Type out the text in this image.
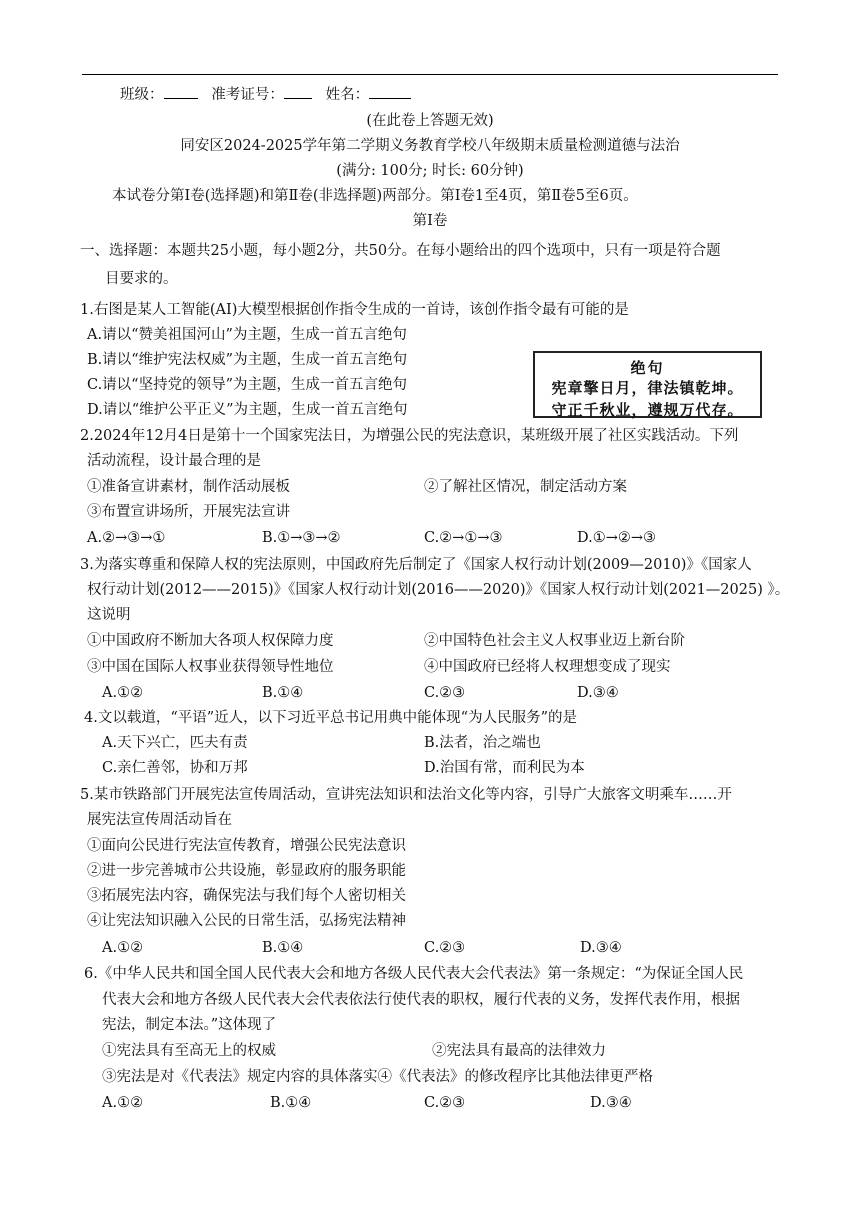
班级：	准考证号：	姓名：
(在此卷上答题无效)
同安区2024-2025学年第二学期义务教育学校八年级期末质量检测道德与法治
(满分: 100分; 时长: 60分钟)
本试卷分第Ⅰ卷(选择题)和第Ⅱ卷(非选择题)两部分。第Ⅰ卷1至4页，第Ⅱ卷5至6页。
第Ⅰ卷
一、选择题：本题共25小题，每小题2分，共50分。在每小题给出的四个选项中，只有一项是符合题
目要求的。
1.右图是某人工智能(AI)大模型根据创作指令生成的一首诗，该创作指令最有可能的是
A.请以“赞美祖国河山”为主题，生成一首五言绝句
B.请以“维护宪法权威”为主题，生成一首五言绝句
C.请以“坚持党的领导”为主题，生成一首五言绝句
D.请以“维护公平正义”为主题，生成一首五言绝句
绝句
宪章擎日月，律法镇乾坤。
守正千秋业，遵规万代存。
2.2024年12月4日是第十一个国家宪法日，为增强公民的宪法意识，某班级开展了社区实践活动。下列
活动流程，设计最合理的是
①准备宣讲素材，制作活动展板	②了解社区情况，制定活动方案
③布置宣讲场所，开展宪法宣讲
A.②→③→①	B.①→③→②	C.②→①→③	D.①→②→③
3.为落实尊重和保障人权的宪法原则，中国政府先后制定了《国家人权行动计划(2009—2010)》《国家人
权行动计划(2012——2015)》《国家人权行动计划(2016——2020)》《国家人权行动计划(2021—2025) 》。
这说明
①中国政府不断加大各项人权保障力度	②中国特色社会主义人权事业迈上新台阶
③中国在国际人权事业获得领导性地位	④中国政府已经将人权理想变成了现实
A.①②	B.①④	C.②③	D.③④
4.文以载道，“平语”近人，以下习近平总书记用典中能体现“为人民服务”的是
A.天下兴亡，匹夫有责	B.法者，治之端也
C.亲仁善邻，协和万邦	D.治国有常，而利民为本
5.某市铁路部门开展宪法宣传周活动，宣讲宪法知识和法治文化等内容，引导广大旅客文明乘车……开
展宪法宣传周活动旨在
①面向公民进行宪法宣传教育，增强公民宪法意识
②进一步完善城市公共设施，彰显政府的服务职能
③拓展宪法内容，确保宪法与我们每个人密切相关
④让宪法知识融入公民的日常生活，弘扬宪法精神
A.①②	B.①④	C.②③	D.③④
6.《中华人民共和国全国人民代表大会和地方各级人民代表大会代表法》第一条规定：“为保证全国人民
代表大会和地方各级人民代表大会代表依法行使代表的职权，履行代表的义务，发挥代表作用，根据
宪法，制定本法。”这体现了
①宪法具有至高无上的权威	②宪法具有最高的法律效力
③宪法是对《代表法》规定内容的具体落实④《代表法》的修改程序比其他法律更严格
A.①②	B.①④	C.②③	D.③④
